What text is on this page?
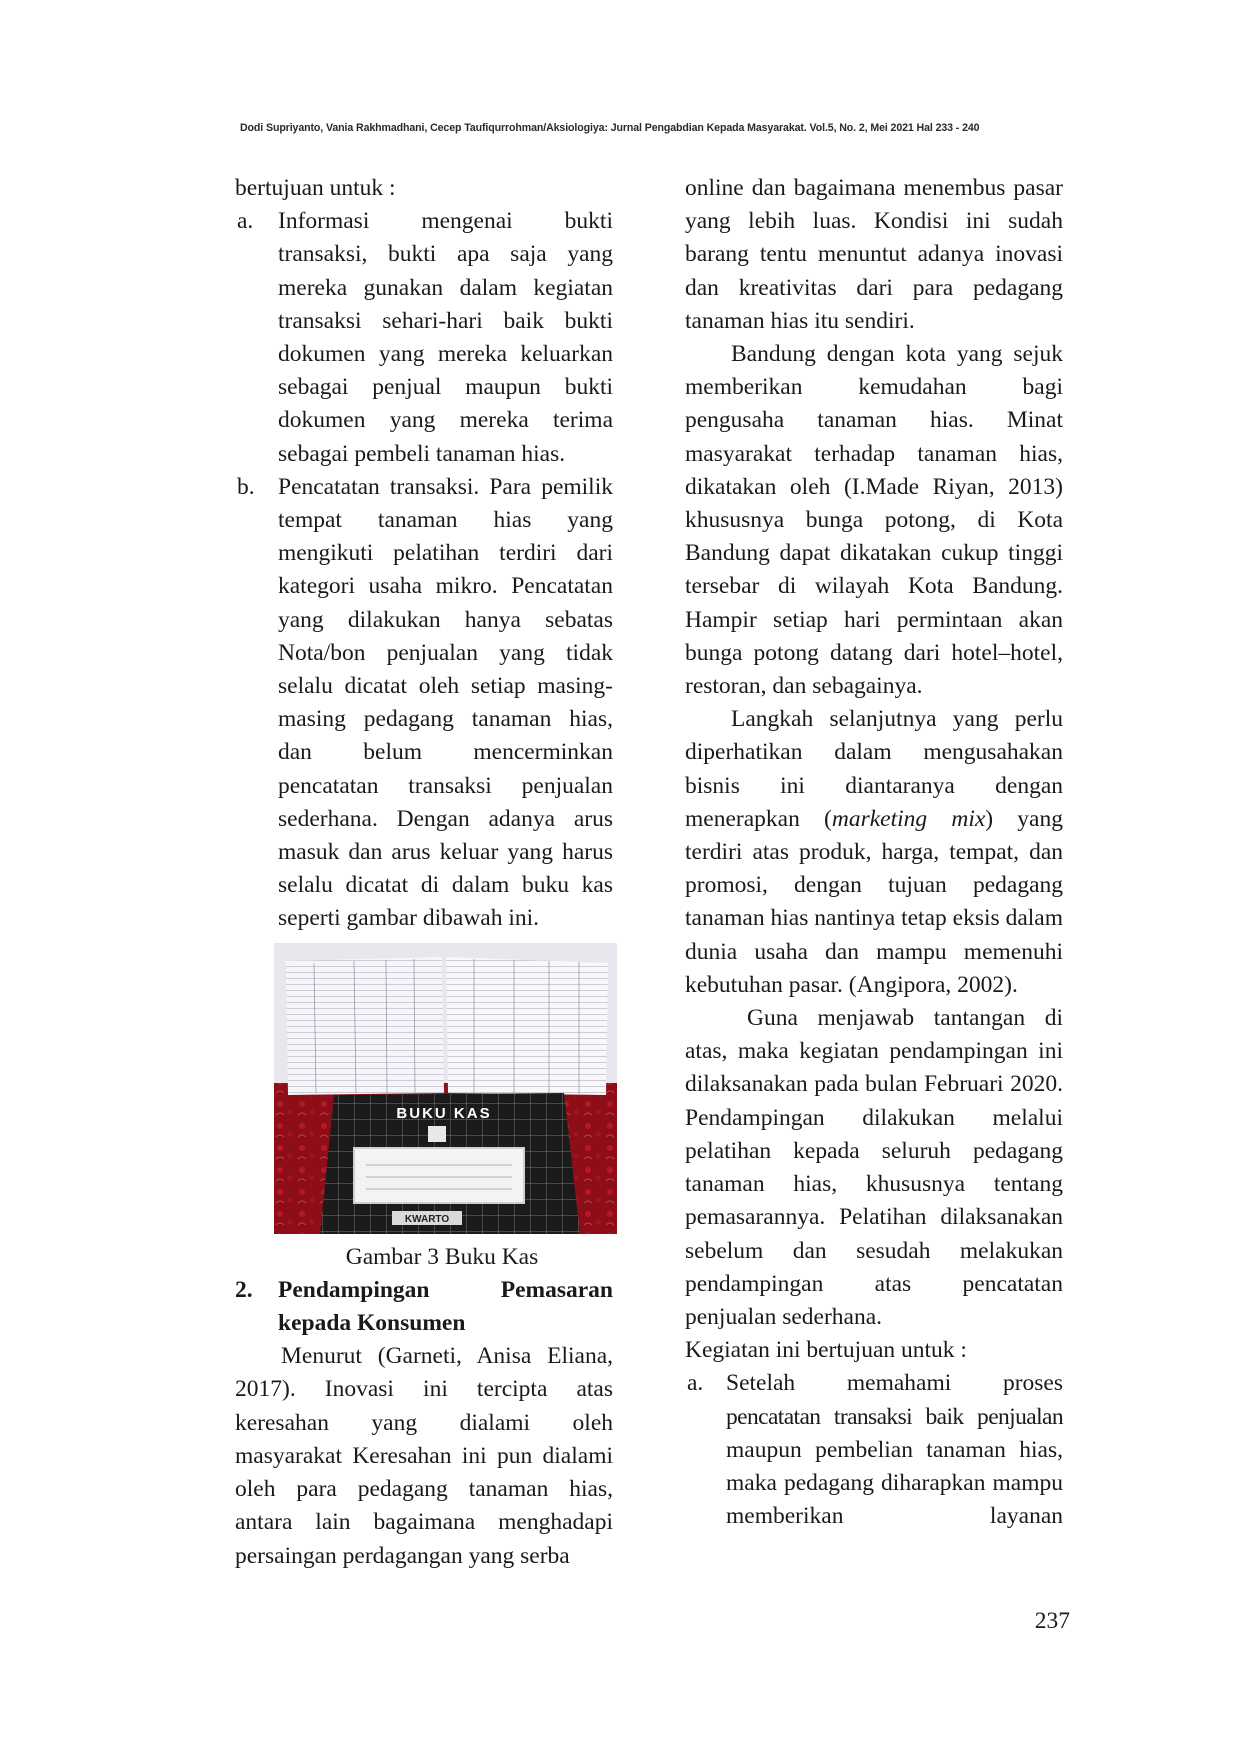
Dodi Supriyanto, Vania Rakhmadhani, Cecep Taufiqurrohman/Aksiologiya: Jurnal Pengabdian Kepada Masyarakat. Vol.5, No. 2, Mei 2021 Hal 233 - 240

bertujuan untuk :

a. Informasi mengenai bukti transaksi, bukti apa saja yang mereka gunakan dalam kegiatan transaksi sehari-hari baik bukti dokumen yang mereka keluarkan sebagai penjual maupun bukti dokumen yang mereka terima sebagai pembeli tanaman hias.
b. Pencatatan transaksi. Para pemilik tempat tanaman hias yang mengikuti pelatihan terdiri dari kategori usaha mikro. Pencatatan yang dilakukan hanya sebatas Nota/bon penjualan yang tidak selalu dicatat oleh setiap masing-masing pedagang tanaman hias, dan belum mencerminkan pencatatan transaksi penjualan sederhana. Dengan adanya arus masuk dan arus keluar yang harus selalu dicatat di dalam buku kas seperti gambar dibawah ini.
BUKU KAS
KWARTO

Gambar 3 Buku Kas

2. Pendampingan Pemasaran
kepada Konsumen

Menurut (Garneti, Anisa Eliana, 2017). Inovasi ini tercipta atas keresahan yang dialami oleh masyarakat Keresahan ini pun dialami oleh para pedagang tanaman hias, antara lain bagaimana menghadapi persaingan perdagangan yang serba

online dan bagaimana menembus pasar yang lebih luas. Kondisi ini sudah barang tentu menuntut adanya inovasi dan kreativitas dari para pedagang tanaman hias itu sendiri.

Bandung dengan kota yang sejuk memberikan kemudahan bagi pengusaha tanaman hias. Minat masyarakat terhadap tanaman hias, dikatakan oleh (I.Made Riyan, 2013) khususnya bunga potong, di Kota Bandung dapat dikatakan cukup tinggi tersebar di wilayah Kota Bandung. Hampir setiap hari permintaan akan bunga potong datang dari hotel–hotel, restoran, dan sebagainya.

Langkah selanjutnya yang perlu diperhatikan dalam mengusahakan bisnis ini diantaranya dengan menerapkan (marketing mix) yang terdiri atas produk, harga, tempat, dan promosi, dengan tujuan pedagang tanaman hias nantinya tetap eksis dalam dunia usaha dan mampu memenuhi kebutuhan pasar. (Angipora, 2002).

Guna menjawab tantangan di atas, maka kegiatan pendampingan ini dilaksanakan pada bulan Februari 2020. Pendampingan dilakukan melalui pelatihan kepada seluruh pedagang tanaman hias, khususnya tentang pemasarannya. Pelatihan dilaksanakan sebelum dan sesudah melakukan pendampingan atas pencatatan penjualan sederhana.

Kegiatan ini bertujuan untuk :

a. Setelah memahami proses
pencatatan transaksi baik penjualan
maupun pembelian tanaman hias, maka pedagang diharapkan mampu memberikan layanan
237
